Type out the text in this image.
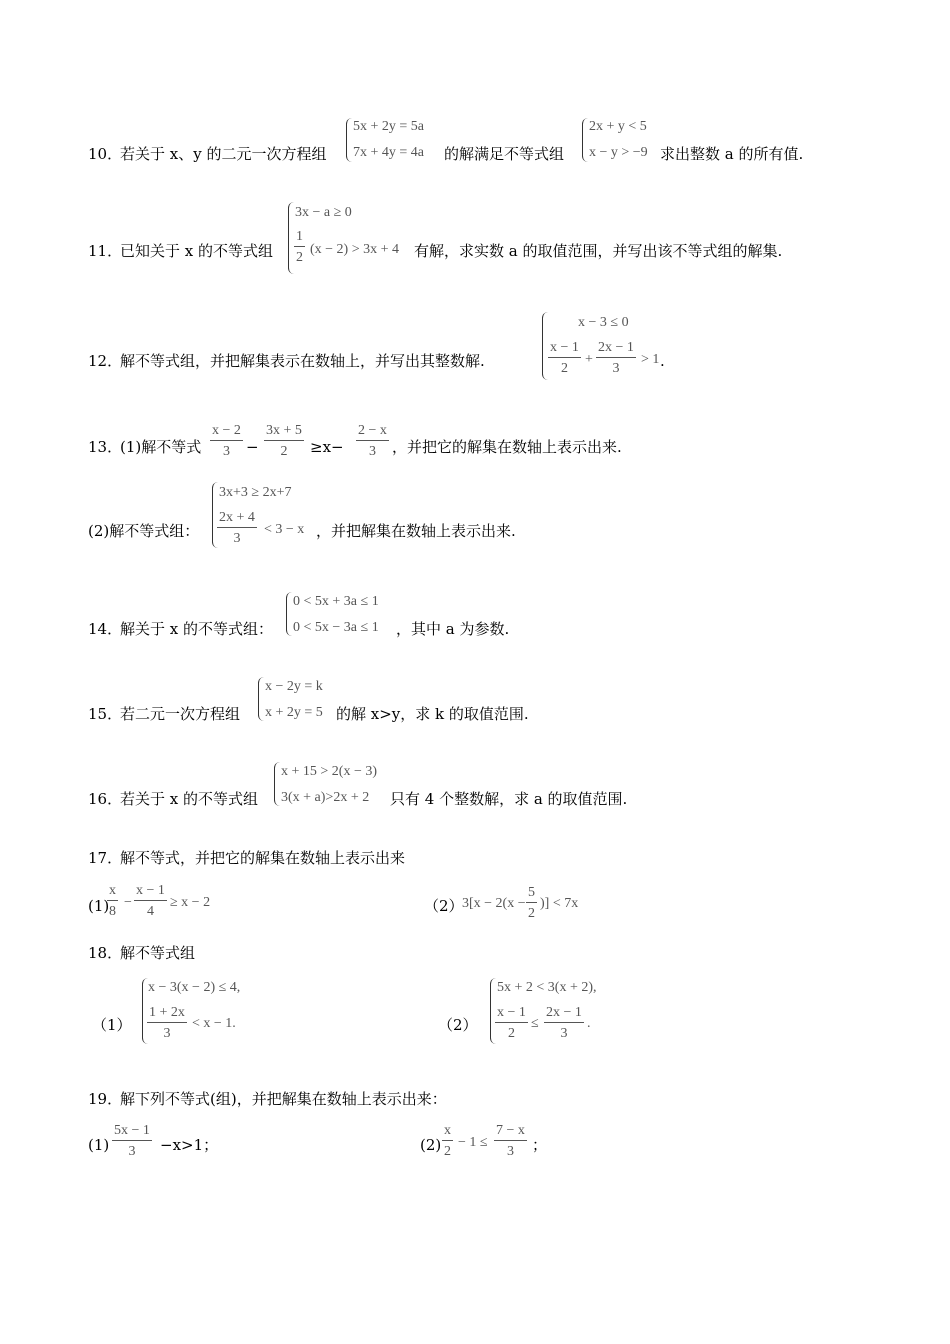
10．
若关于 x、y 的二元一次方程组
5x + 2y = 5a
7x + 4y = 4a 的解满足不等式组
2x + y < 5
x − y > −9 求出整数 a 的所有值.
11．
已知关于 x 的不等式组
3x − a ≥ 0
$\frac{1}{2} (x - 2) > 3x + 4$ 有解，求实数 a 的取值范围，并写出该不等式组的解集.
12．
解不等式组，并把解集表示在数轴上，并写出其整数解.
x − 3 ≤ 0
$\frac{x - 1}{2} + \frac{2x - 1}{3} > 1$ .
13．
(1)解不等式 $\frac{x - 2}{3} - \frac{3x + 5}{2} \ge x- \frac{2 - x}{3}$ ，并把它的解集在数轴上表示出来.
(2)解不等式组：
3x+3 ≥ 2x+7
$\frac{2x + 4}{3} < 3 - x$ ，并把解集在数轴上表示出来.
14．
解关于 x 的不等式组：
0 < 5x + 3a ≤ 1
0 < 5x − 3a ≤ 1 ，其中 a 为参数.
15．
若二元一次方程组
x − 2y = k
x + 2y = 5 的解 x>y，求 k 的取值范围.
16．
若关于 x 的不等式组
x + 15 > 2(x − 3)
3(x + a)>2x + 2 只有 4 个整数解，求 a 的取值范围.
17．
解不等式，并把它的解集在数轴上表示出来
(1)
$\frac{x}{8} - \frac{x - 1}{4} \ge x - 2$	（2）
$3[x - 2(x - \frac{5}{2}$ )] < 7x
18．
解不等式组
（1）
x − 3(x − 2) ≤ 4,
$\frac{1 + 2x}{3} < x - 1$.	（2）
5x + 2 < 3(x + 2),
$\frac{x - 1}{2} \le \frac{2x - 1}{3}$ .
19．
解下列不等式(组)，并把解集在数轴上表示出来：
$(1) \frac{5x - 1}{3} -x>1$；	$(2) \frac{x}{2} - 1 \le \frac{7 - x}{3}$ ；
